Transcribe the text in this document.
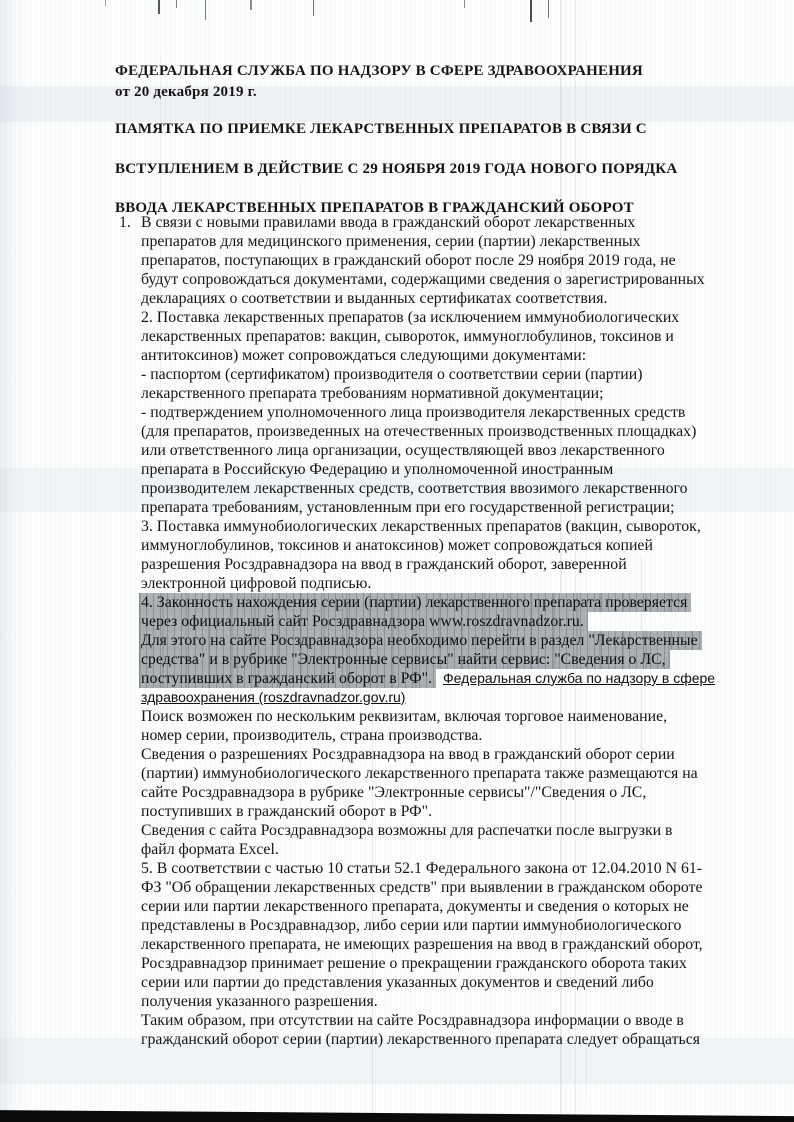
ФЕДЕРАЛЬНАЯ СЛУЖБА ПО НАДЗОРУ В СФЕРЕ ЗДРАВООХРАНЕНИЯ
от 20 декабря 2019 г.
ПАМЯТКА ПО ПРИЕМКЕ ЛЕКАРСТВЕННЫХ ПРЕПАРАТОВ В СВЯЗИ С
ВСТУПЛЕНИЕМ В ДЕЙСТВИЕ С 29 НОЯБРЯ 2019 ГОДА НОВОГО ПОРЯДКА
ВВОДА ЛЕКАРСТВЕННЫХ ПРЕПАРАТОВ В ГРАЖДАНСКИЙ ОБОРОТ
1. В связи с новыми правилами ввода в гражданский оборот лекарственных
препаратов для медицинского применения, серии (партии) лекарственных
препаратов, поступающих в гражданский оборот после 29 ноября 2019 года, не
будут сопровождаться документами, содержащими сведения о зарегистрированных
декларациях о соответствии и выданных сертификатах соответствия.
2. Поставка лекарственных препаратов (за исключением иммунобиологических
лекарственных препаратов: вакцин, сывороток, иммуноглобулинов, токсинов и
антитоксинов) может сопровождаться следующими документами:
- паспортом (сертификатом) производителя о соответствии серии (партии)
лекарственного препарата требованиям нормативной документации;
- подтверждением уполномоченного лица производителя лекарственных средств
(для препаратов, произведенных на отечественных производственных площадках)
или ответственного лица организации, осуществляющей ввоз лекарственного
препарата в Российскую Федерацию и уполномоченной иностранным
производителем лекарственных средств, соответствия ввозимого лекарственного
препарата требованиям, установленным при его государственной регистрации;
3. Поставка иммунобиологических лекарственных препаратов (вакцин, сывороток,
иммуноглобулинов, токсинов и анатоксинов) может сопровождаться копией
разрешения Росздравнадзора на ввод в гражданский оборот, заверенной
электронной цифровой подписью.
4. Законность нахождения серии (партии) лекарственного препарата проверяется
через официальный сайт Росздравнадзора www.roszdravnadzor.ru.
Для этого на сайте Росздравнадзора необходимо перейти в раздел "Лекарственные
средства" и в рубрике "Электронные сервисы" найти сервис: "Сведения о ЛС,
поступивших в гражданский оборот в РФ". Федеральная служба по надзору в сфере
здравоохранения (roszdravnadzor.gov.ru)
Поиск возможен по нескольким реквизитам, включая торговое наименование,
номер серии, производитель, страна производства.
Сведения о разрешениях Росздравнадзора на ввод в гражданский оборот серии
(партии) иммунобиологического лекарственного препарата также размещаются на
сайте Росздравнадзора в рубрике "Электронные сервисы"/"Сведения о ЛС,
поступивших в гражданский оборот в РФ".
Сведения с сайта Росздравнадзора возможны для распечатки после выгрузки в
файл формата Excel.
5. В соответствии с частью 10 статьи 52.1 Федерального закона от 12.04.2010 N 61-
ФЗ "Об обращении лекарственных средств" при выявлении в гражданском обороте
серии или партии лекарственного препарата, документы и сведения о которых не
представлены в Росздравнадзор, либо серии или партии иммунобиологического
лекарственного препарата, не имеющих разрешения на ввод в гражданский оборот,
Росздравнадзор принимает решение о прекращении гражданского оборота таких
серии или партии до представления указанных документов и сведений либо
получения указанного разрешения.
Таким образом, при отсутствии на сайте Росздравнадзора информации о вводе в
гражданский оборот серии (партии) лекарственного препарата следует обращаться
